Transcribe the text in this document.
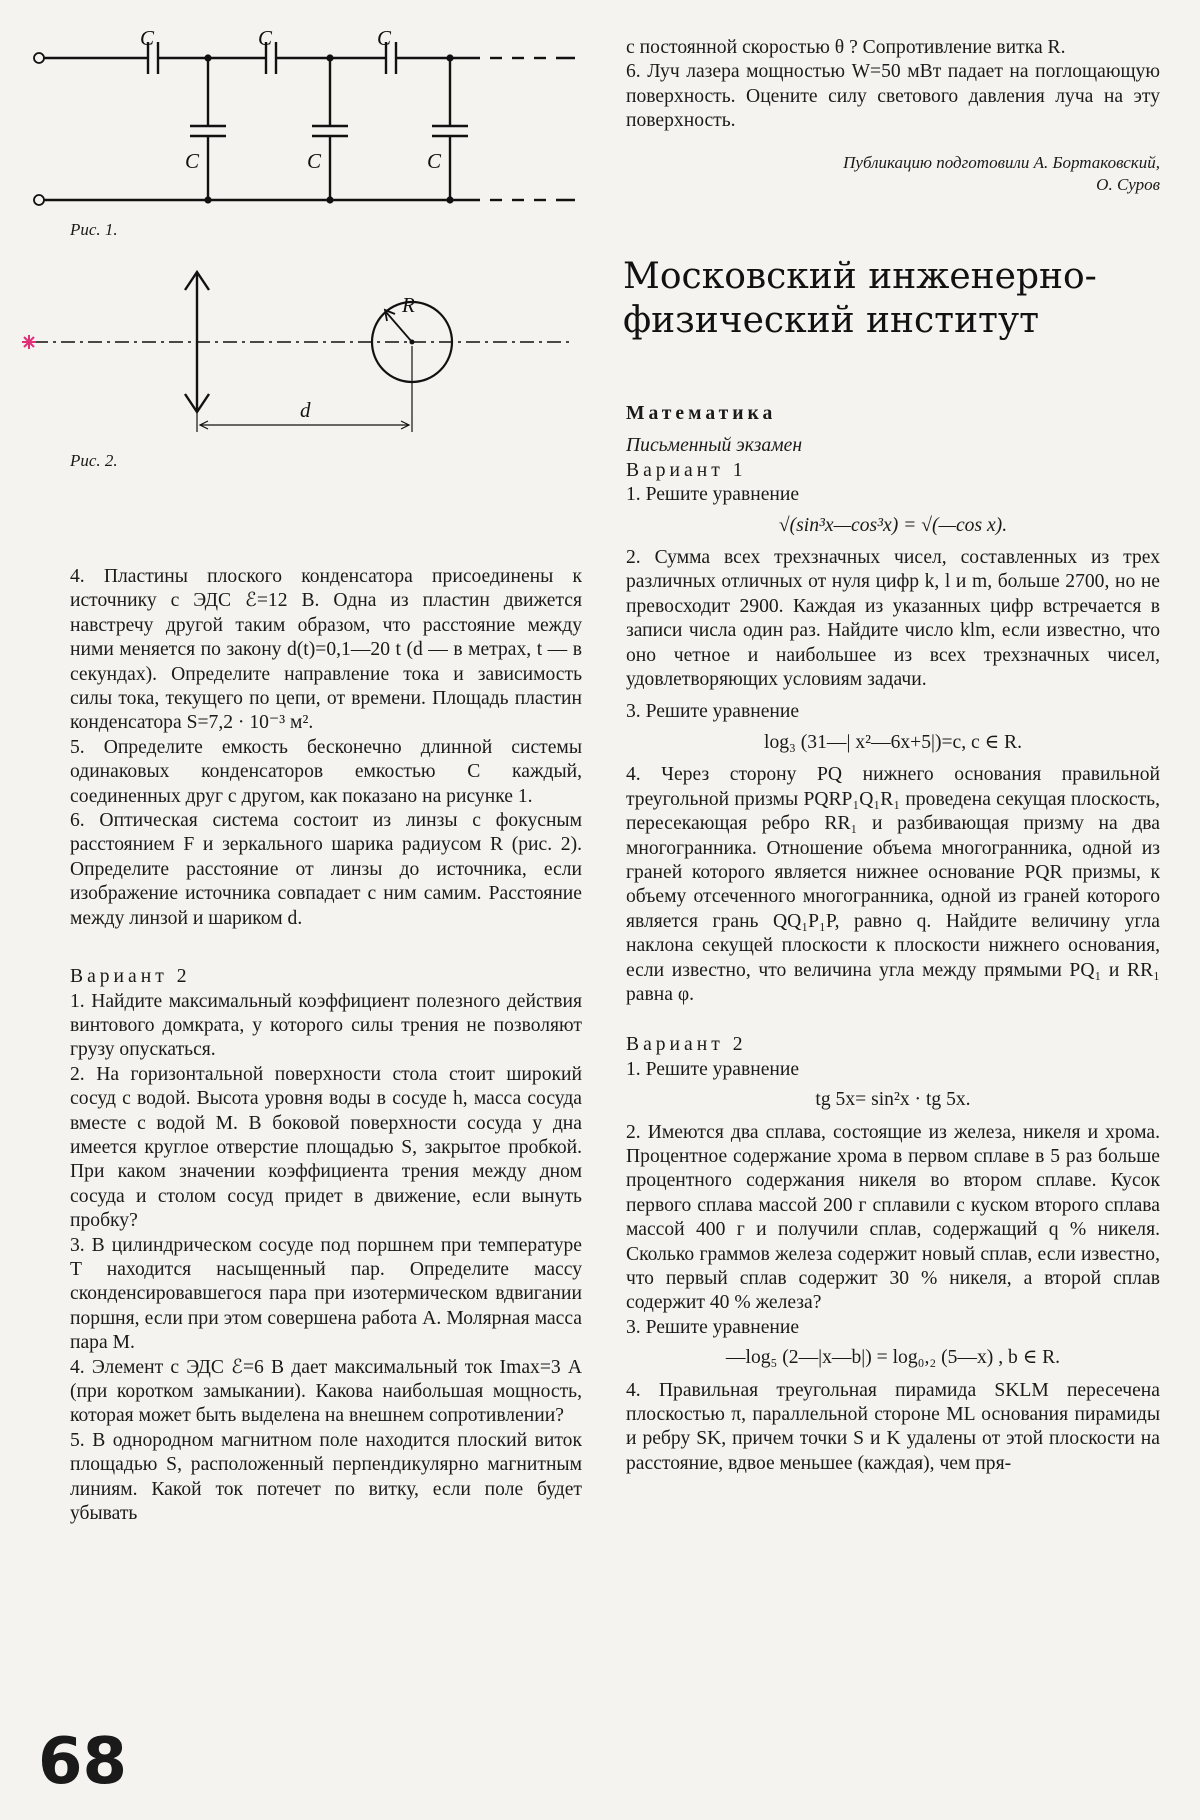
C	C	C
C	C	C
Рис. 1.
R
d
Рис. 2.

4. Пластины плоского конденсатора присоединены к источнику с ЭДС ℰ=12 В. Одна из пластин движется навстречу другой таким образом, что расстояние между ними меняется по закону d(t)=0,1—20 t (d — в метрах, t — в секундах). Определите направление тока и зависимость силы тока, текущего по цепи, от времени. Площадь пластин конденсатора S=7,2 · 10⁻³ м².

5. Определите емкость бесконечно длинной системы одинаковых конденсаторов емкостью C каждый, соединенных друг с другом, как показано на рисунке 1.

6. Оптическая система состоит из линзы с фокусным расстоянием F и зеркального шарика радиусом R (рис. 2). Определите расстояние от линзы до источника, если изображение источника совпадает с ним самим. Расстояние между линзой и шариком d.

Вариант 2

1. Найдите максимальный коэффициент полезного действия винтового домкрата, у которого силы трения не позволяют грузу опускаться.

2. На горизонтальной поверхности стола стоит широкий сосуд с водой. Высота уровня воды в сосуде h, масса сосуда вместе с водой M. В боковой поверхности сосуда у дна имеется круглое отверстие площадью S, закрытое пробкой. При каком значении коэффициента трения между дном сосуда и столом сосуд придет в движение, если вынуть пробку?

3. В цилиндрическом сосуде под поршнем при температуре T находится насыщенный пар. Определите массу сконденсировавшегося пара при изотермическом вдвигании поршня, если при этом совершена работа A. Молярная масса пара M.

4. Элемент с ЭДС ℰ=6 В дает максимальный ток Imax=3 А (при коротком замыкании). Какова наибольшая мощность, которая может быть выделена на внешнем сопротивлении?

5. В однородном магнитном поле находится плоский виток площадью S, расположенный перпендикулярно магнитным линиям. Какой ток потечет по витку, если поле будет убывать

с постоянной скоростью θ ? Сопротивление витка R.

6. Луч лазера мощностью W=50 мВт падает на поглощающую поверхность. Оцените силу светового давления луча на эту поверхность.

Публикацию подготовили А. Бортаковский,

О. Суров

Московский инженерно-физический институт

Математика

Письменный экзамен

Вариант 1

1. Решите уравнение

√(sin³x—cos³x) = √(—cos x).

2. Сумма всех трехзначных чисел, составленных из трех различных отличных от нуля цифр k, l и m, больше 2700, но не превосходит 2900. Каждая из указанных цифр встречается в записи числа один раз. Найдите число klm, если известно, что оно четное и наибольшее из всех трехзначных чисел, удовлетворяющих условиям задачи.

3. Решите уравнение

log₃ (31—| x²—6x+5|)=c, c ∈ R.

4. Через сторону PQ нижнего основания правильной треугольной призмы PQRP₁Q₁R₁ проведена секущая плоскость, пересекающая ребро RR₁ и разбивающая призму на два многогранника. Отношение объема многогранника, одной из граней которого является нижнее основание PQR призмы, к объему отсеченного многогранника, одной из граней которого является грань QQ₁P₁P, равно q. Найдите величину угла наклона секущей плоскости к плоскости нижнего основания, если известно, что величина угла между прямыми PQ₁ и RR₁ равна φ.

Вариант 2

1. Решите уравнение

tg 5x= sin²x · tg 5x.

2. Имеются два сплава, состоящие из железа, никеля и хрома. Процентное содержание хрома в первом сплаве в 5 раз больше процентного содержания никеля во втором сплаве. Кусок первого сплава массой 200 г сплавили с куском второго сплава массой 400 г и получили сплав, содержащий q % никеля. Сколько граммов железа содержит новый сплав, если известно, что первый сплав содержит 30 % никеля, а второй сплав содержит 40 % железа?

3. Решите уравнение

—log₅ (2—|x—b|) = log₀,₂ (5—x) , b ∈ R.

4. Правильная треугольная пирамида SKLM пересечена плоскостью π, параллельной стороне ML основания пирамиды и ребру SK, причем точки S и K удалены от этой плоскости на расстояние, вдвое меньшее (каждая), чем пря-

68
